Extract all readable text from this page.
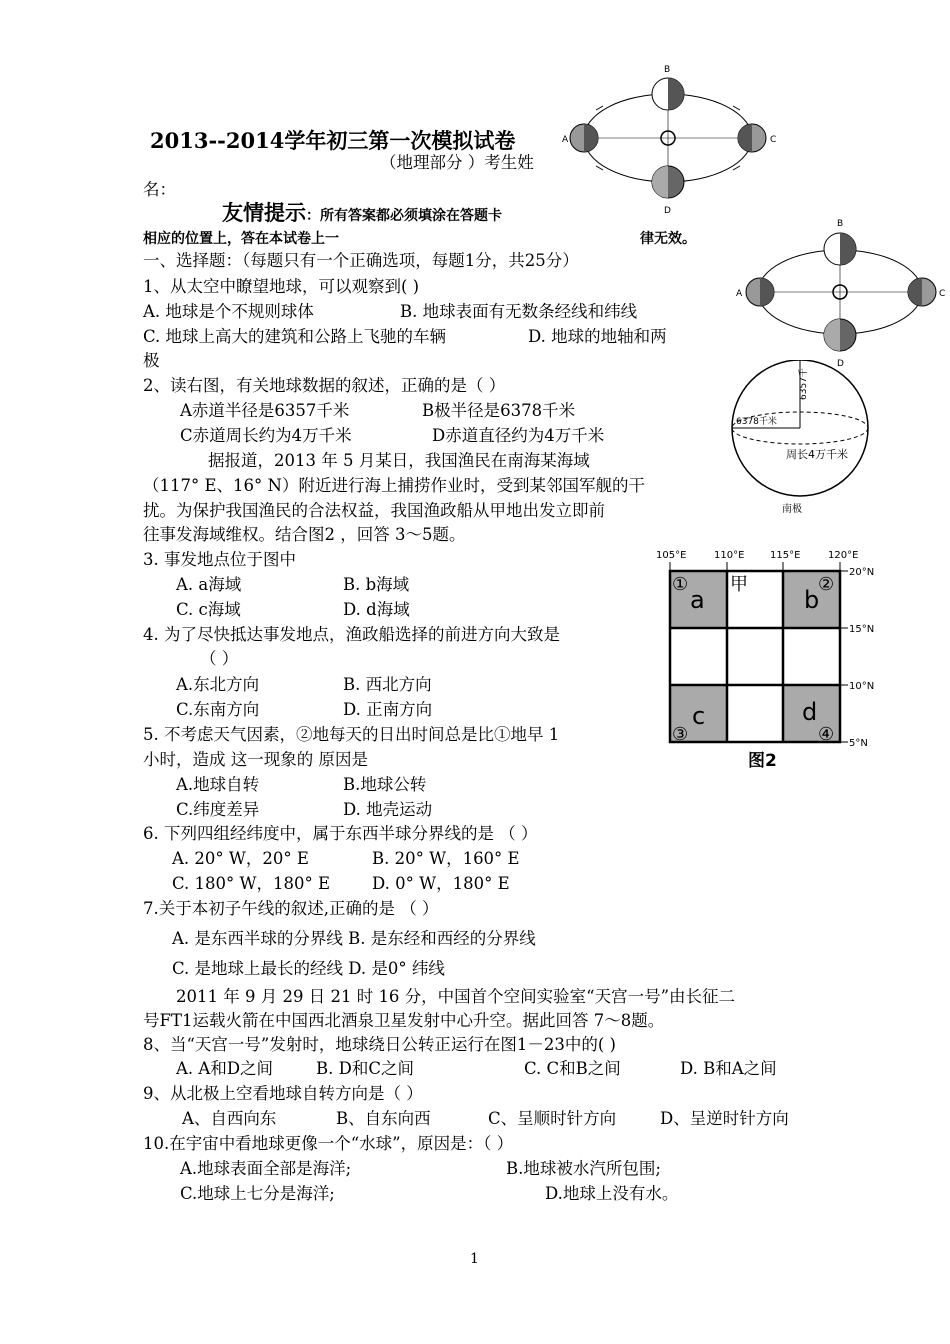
2013--2014学年初三第一次模拟试卷
（地理部分 ）考生姓
名：
友情提示：所有答案都必须填涂在答题卡
相应的位置上，答在本试卷上一	律无效。
一、选择题：（每题只有一个正确选项，每题1分，共25分）
1、从太空中瞭望地球，可以观察到( )
A. 地球是个不规则球体	B. 地球表面有无数条经线和纬线
C. 地球上高大的建筑和公路上飞驰的车辆	D. 地球的地轴和两
极
2、读右图，有关地球数据的叙述，正确的是（ ）
A赤道半径是6357千米	B极半径是6378千米
C赤道周长约为4万千米	D赤道直径约为4万千米
据报道，2013 年 5 月某日，我国渔民在南海某海域
（117° E、16° N）附近进行海上捕捞作业时，受到某邻国军舰的干
扰。为保护我国渔民的合法权益，我国渔政船从甲地出发立即前
往事发海域维权。结合图2 ，回答 3～5题。
3. 事发地点位于图中
A. a海域	B. b海域
C. c海域	D. d海域
4. 为了尽快抵达事发地点，渔政船选择的前进方向大致是
（ ）
A.东北方向	B. 西北方向
C.东南方向	D. 正南方向
5. 不考虑天气因素，②地每天的日出时间总是比①地早 1
小时，造成 这一现象的 原因是
A.地球自转	B.地球公转
C.纬度差异	D. 地壳运动
6. 下列四组经纬度中，属于东西半球分界线的是 （ ）
A. 20° W，20° E	B. 20° W，160° E
C. 180° W，180° E	D. 0° W，180° E
7.关于本初子午线的叙述,正确的是 （ ）
A. 是东西半球的分界线 B. 是东经和西经的分界线
C. 是地球上最长的经线 D. 是0° 纬线
2011 年 9 月 29 日 21 时 16 分，中国首个空间实验室“天宫一号”由长征二
号FT1运载火箭在中国西北酒泉卫星发射中心升空。据此回答 7～8题。
8、当“天宫一号”发射时，地球绕日公转正运行在图1－23中的( )
A. A和D之间	B. D和C之间	C. C和B之间	D. B和A之间
9、从北极上空看地球自转方向是（ ）
A、自西向东	B、自东向西	C、呈顺时针方向	D、呈逆时针方向
10.在宇宙中看地球更像一个“水球”，原因是：（ ）
A.地球表面全部是海洋;	B.地球被水汽所包围;
C.地球上七分是海洋;	D.地球上没有水。
1
B
A	C
D
B
A	C
D
6357千
6378千米
周长4万千米
南极
105°E	110°E	115°E	120°E
20°N
15°N
10°N
5°N
a	b
c	d
甲
①	②
③	④
图2
